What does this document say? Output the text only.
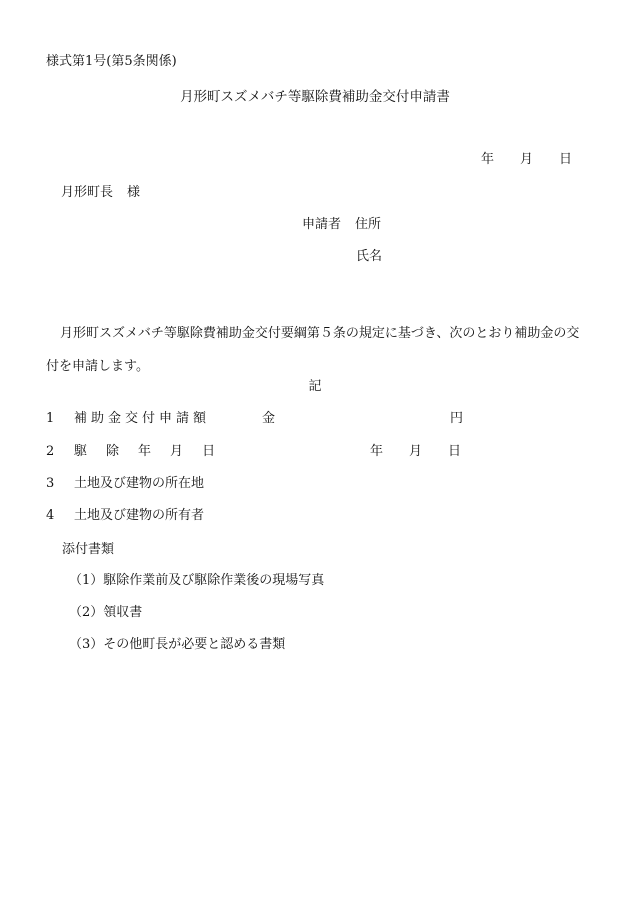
様式第1号(第5条関係)
月形町スズメバチ等駆除費補助金交付申請書
年 月 日
月形町長 様
申請者 住所
氏名
月形町スズメバチ等駆除費補助金交付要綱第５条の規定に基づき、次のとおり補助金の交付を申請します。
記
1 補助金交付申請額	金	円
2 駆 除 年 月 日	年 月 日
3 土地及び建物の所在地
4 土地及び建物の所有者
添付書類
（1）駆除作業前及び駆除作業後の現場写真
（2）領収書
（3）その他町長が必要と認める書類
